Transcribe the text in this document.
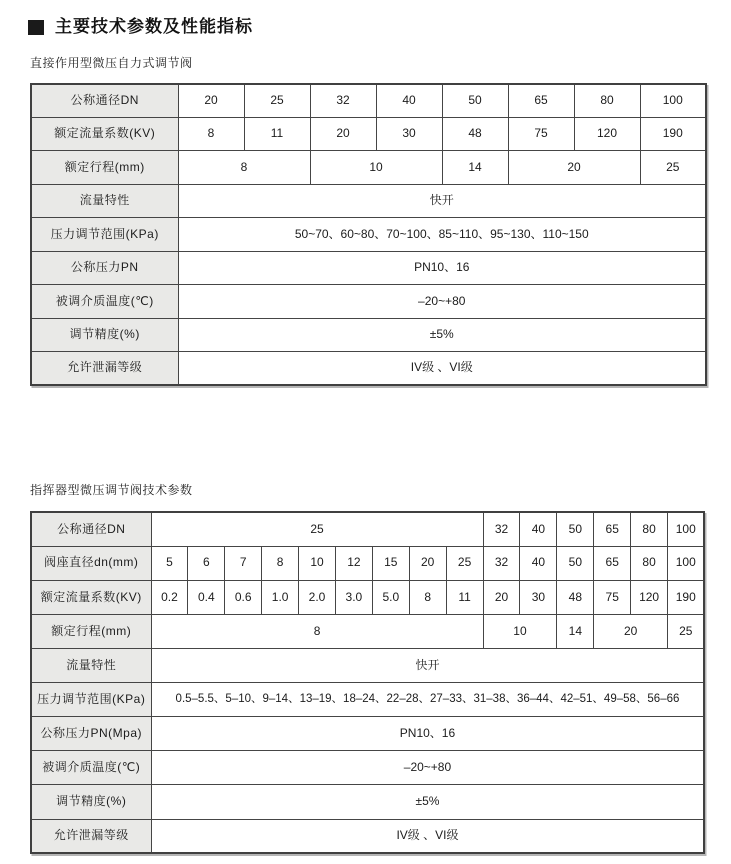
主要技术参数及性能指标
直接作用型微压自力式调节阀
公称通径DN	20	25	32	40	50	65	80	100
额定流量系数(KV)	8	11	20	30	48	75	120	190
额定行程(mm)	8		10		14	20		25
流量特性	快开							
压力调节范围(KPa)	50~70、60~80、70~100、85~110、95~130、110~150							
公称压力PN	PN10、16							
被调介质温度(℃)	–20~+80							
调节精度(%)	±5%							
允许泄漏等级	IV级 、VI级							
指挥器型微压调节阀技术参数
公称通径DN	25									32	40	50	65	80	100
阀座直径dn(mm)	5	6	7	8	10	12	15	20	25	32	40	50	65	80	100
额定流量系数(KV)	0.2	0.4	0.6	1.0	2.0	3.0	5.0	8	11	20	30	48	75	120	190
额定行程(mm)	8									10		14	20		25
流量特性	快开														
压力调节范围(KPa)	0.5–5.5、5–10、9–14、13–19、18–24、22–28、27–33、31–38、36–44、42–51、49–58、56–66														
公称压力PN(Mpa)	PN10、16														
被调介质温度(℃)	–20~+80														
调节精度(%)	±5%														
允许泄漏等级	IV级 、VI级														
